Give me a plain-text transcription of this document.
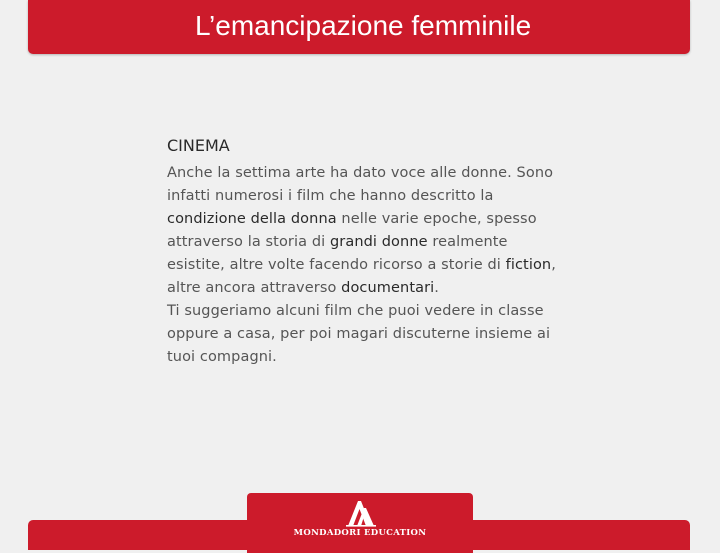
L’emancipazione femminile
CINEMA

Anche la settima arte ha dato voce alle donne. Sono infatti numerosi i film che hanno descritto la condizione della donna nelle varie epoche, spesso attraverso la storia di grandi donne realmente esistite, altre volte facendo ricorso a storie di fiction, altre ancora attraverso documentari.

Ti suggeriamo alcuni film che puoi vedere in classe oppure a casa, per poi magari discuterne insieme ai tuoi compagni.

MONDADORI EDUCATION
